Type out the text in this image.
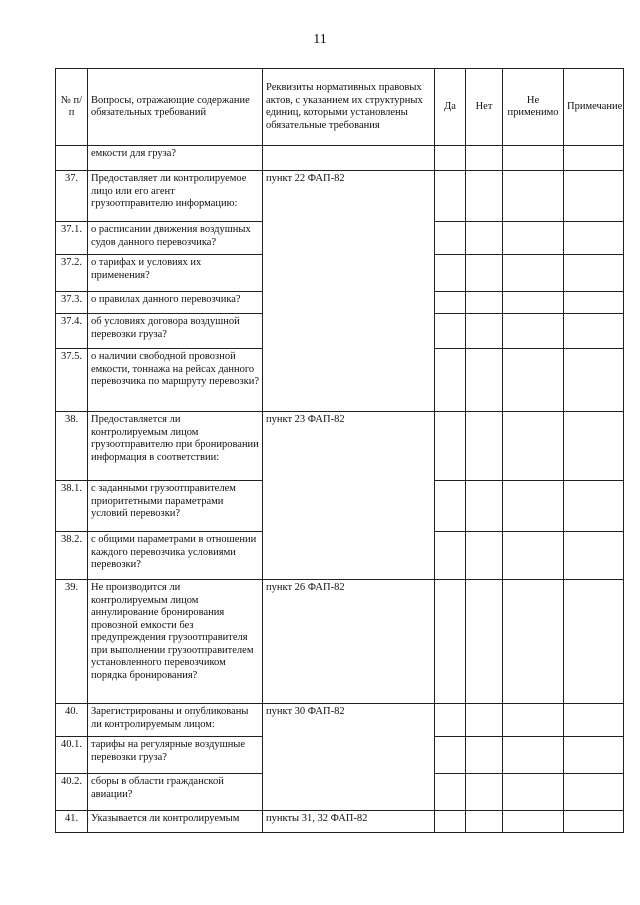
11
№ п/п	Вопросы, отражающие содержание обязательных требований	Реквизиты нормативных правовых актов, с указанием их структурных единиц, которыми установлены обязательные требования	Да	Нет	Не применимо	Примечание
	емкости для груза?					
37.	Предоставляет ли контролируемое лицо или его агент грузоотправителю информацию:	пункт 22 ФАП-82				
37.1.	о расписании движения воздушных судов данного перевозчика?					
37.2.	о тарифах и условиях их применения?					
37.3.	о правилах данного перевозчика?					
37.4.	об условиях договора воздушной перевозки груза?					
37.5.	о наличии свободной провозной емкости, тоннажа на рейсах данного перевозчика по маршруту перевозки?					
38.	Предоставляется ли контролируемым лицом грузоотправителю при бронировании информация в соответствии:	пункт 23 ФАП-82				
38.1.	с заданными грузоотправителем приоритетными параметрами условий перевозки?					
38.2.	с общими параметрами в отношении каждого перевозчика условиями перевозки?					
39.	Не производится ли контролируемым лицом аннулирование бронирования провозной емкости без предупреждения грузоотправителя при выполнении грузоотправителем установленного перевозчиком порядка бронирования?	пункт 26 ФАП-82				
40.	Зарегистрированы и опубликованы ли контролируемым лицом:	пункт 30 ФАП-82				
40.1.	тарифы на регулярные воздушные перевозки груза?					
40.2.	сборы в области гражданской авиации?					
41.	Указывается ли контролируемым	пункты 31, 32 ФАП-82				
